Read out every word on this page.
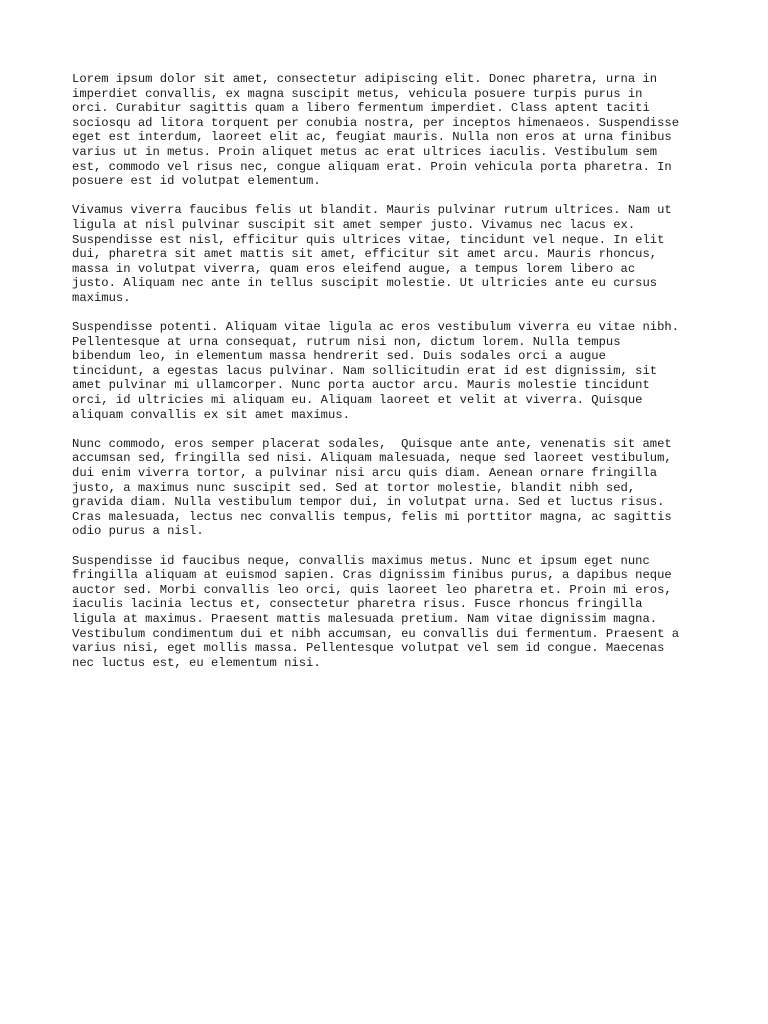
Lorem ipsum dolor sit amet, consectetur adipiscing elit. Donec pharetra, urna in
imperdiet convallis, ex magna suscipit metus, vehicula posuere turpis purus in
orci. Curabitur sagittis quam a libero fermentum imperdiet. Class aptent taciti
sociosqu ad litora torquent per conubia nostra, per inceptos himenaeos. Suspendisse
eget est interdum, laoreet elit ac, feugiat mauris. Nulla non eros at urna finibus
varius ut in metus. Proin aliquet metus ac erat ultrices iaculis. Vestibulum sem
est, commodo vel risus nec, congue aliquam erat. Proin vehicula porta pharetra. In
posuere est id volutpat elementum.
Vivamus viverra faucibus felis ut blandit. Mauris pulvinar rutrum ultrices. Nam ut
ligula at nisl pulvinar suscipit sit amet semper justo. Vivamus nec lacus ex.
Suspendisse est nisl, efficitur quis ultrices vitae, tincidunt vel neque. In elit
dui, pharetra sit amet mattis sit amet, efficitur sit amet arcu. Mauris rhoncus,
massa in volutpat viverra, quam eros eleifend augue, a tempus lorem libero ac
justo. Aliquam nec ante in tellus suscipit molestie. Ut ultricies ante eu cursus
maximus.
Suspendisse potenti. Aliquam vitae ligula ac eros vestibulum viverra eu vitae nibh.
Pellentesque at urna consequat, rutrum nisi non, dictum lorem. Nulla tempus
bibendum leo, in elementum massa hendrerit sed. Duis sodales orci a augue
tincidunt, a egestas lacus pulvinar. Nam sollicitudin erat id est dignissim, sit
amet pulvinar mi ullamcorper. Nunc porta auctor arcu. Mauris molestie tincidunt
orci, id ultricies mi aliquam eu. Aliquam laoreet et velit at viverra. Quisque
aliquam convallis ex sit amet maximus.
Nunc commodo, eros semper placerat sodales,  Quisque ante ante, venenatis sit amet
accumsan sed, fringilla sed nisi. Aliquam malesuada, neque sed laoreet vestibulum,
dui enim viverra tortor, a pulvinar nisi arcu quis diam. Aenean ornare fringilla
justo, a maximus nunc suscipit sed. Sed at tortor molestie, blandit nibh sed,
gravida diam. Nulla vestibulum tempor dui, in volutpat urna. Sed et luctus risus.
Cras malesuada, lectus nec convallis tempus, felis mi porttitor magna, ac sagittis
odio purus a nisl.
Suspendisse id faucibus neque, convallis maximus metus. Nunc et ipsum eget nunc
fringilla aliquam at euismod sapien. Cras dignissim finibus purus, a dapibus neque
auctor sed. Morbi convallis leo orci, quis laoreet leo pharetra et. Proin mi eros,
iaculis lacinia lectus et, consectetur pharetra risus. Fusce rhoncus fringilla
ligula at maximus. Praesent mattis malesuada pretium. Nam vitae dignissim magna.
Vestibulum condimentum dui et nibh accumsan, eu convallis dui fermentum. Praesent a
varius nisi, eget mollis massa. Pellentesque volutpat vel sem id congue. Maecenas
nec luctus est, eu elementum nisi.
